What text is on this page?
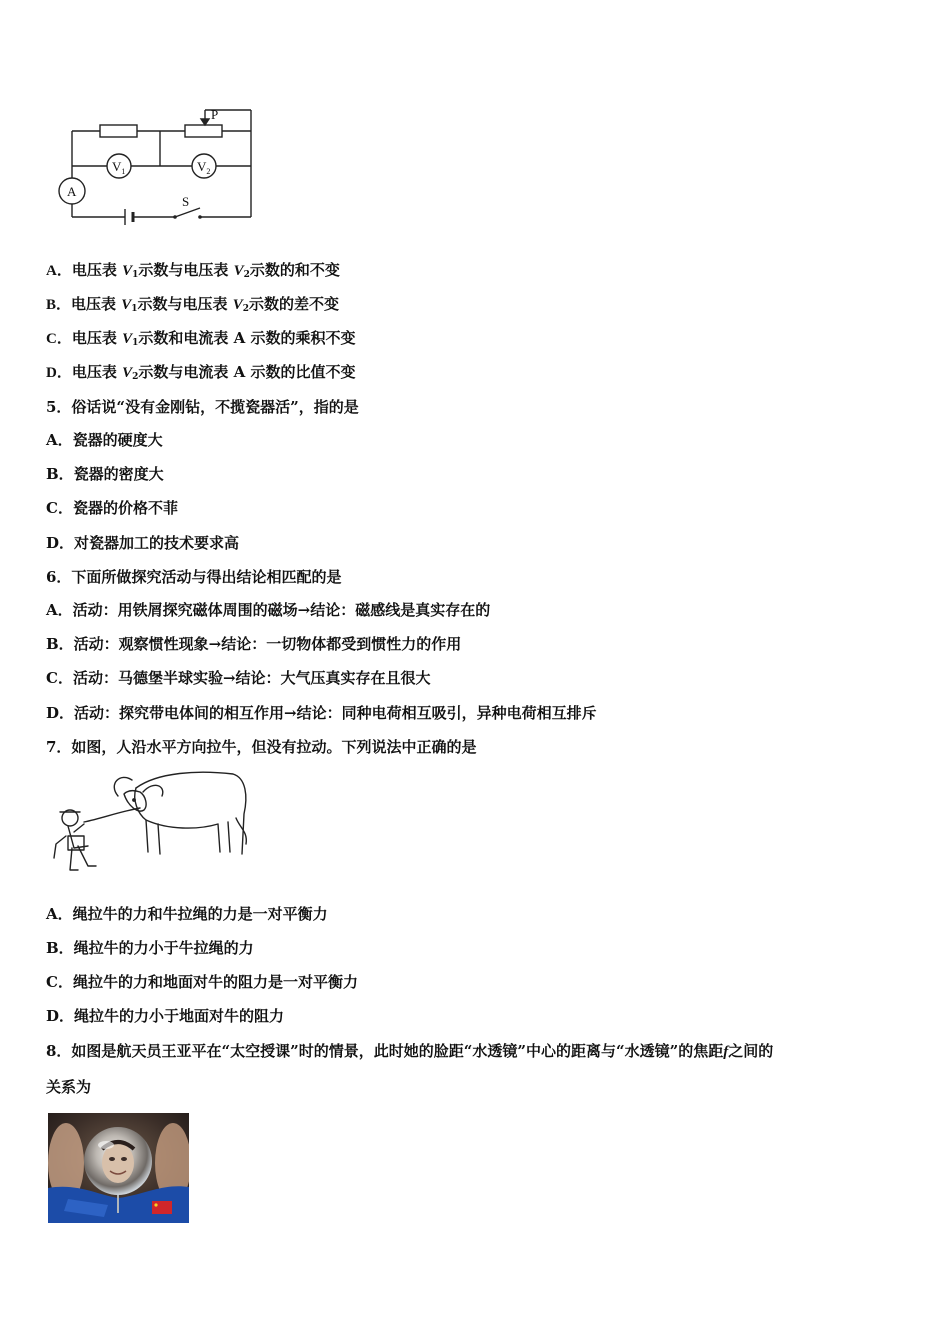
P
$V_1$	$V_2$
A
S
A．电压表 $V_1$示数与电压表 $V_2$示数的和不变
B．电压表 $V_1$示数与电压表 $V_2$示数的差不变
C．电压表 $V_1$示数和电流表 A 示数的乘积不变
D．电压表 $V_2$示数与电流表 A 示数的比值不变
5．俗话说“没有金刚钻，不揽瓷器活”，指的是
A．瓷器的硬度大
B．瓷器的密度大
C．瓷器的价格不菲
D．对瓷器加工的技术要求高
6．下面所做探究活动与得出结论相匹配的是
A．活动：用铁屑探究磁体周围的磁场→结论：磁感线是真实存在的
B．活动：观察惯性现象→结论：一切物体都受到惯性力的作用
C．活动：马德堡半球实验→结论：大气压真实存在且很大
D．活动：探究带电体间的相互作用→结论：同种电荷相互吸引，异种电荷相互排斥
7．如图，人沿水平方向拉牛，但没有拉动。下列说法中正确的是
A．绳拉牛的力和牛拉绳的力是一对平衡力
B．绳拉牛的力小于牛拉绳的力
C．绳拉牛的力和地面对牛的阻力是一对平衡力
D．绳拉牛的力小于地面对牛的阻力
8．如图是航天员王亚平在“太空授课”时的情景，此时她的脸距“水透镜”中心的距离与“水透镜”的焦距f之间的
关系为
